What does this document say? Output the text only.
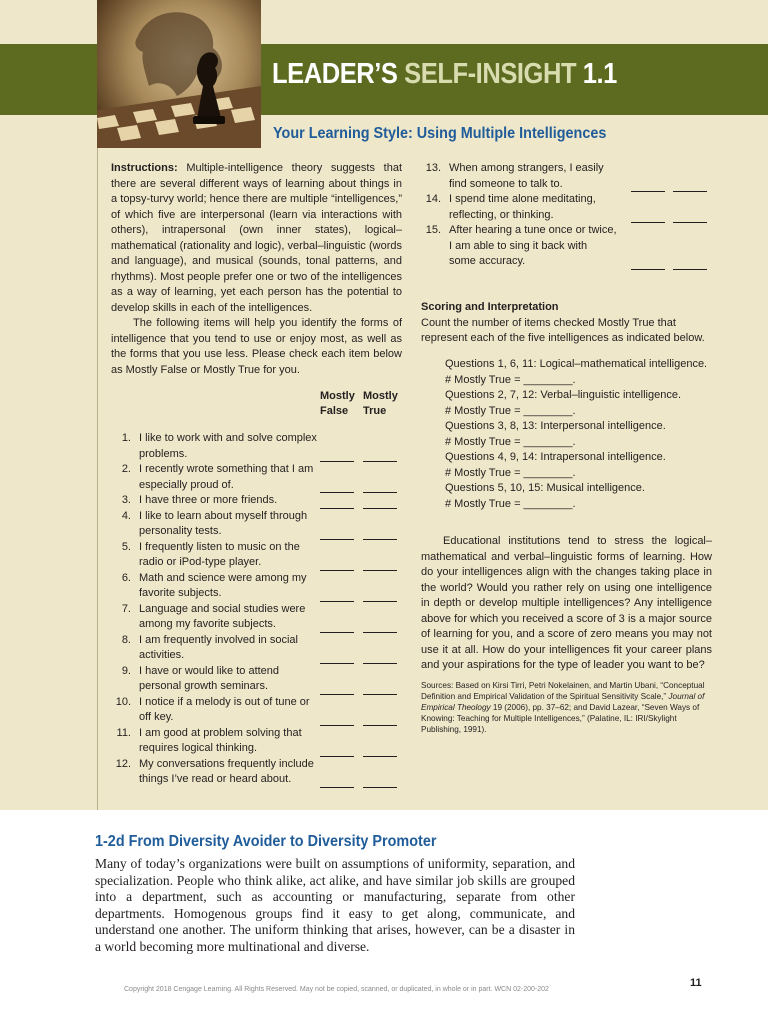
LEADER’S SELF-INSIGHT 1.1
Your Learning Style: Using Multiple Intelligences

Instructions: Multiple-intelligence theory suggests that there are several different ways of learning about things in a topsy-turvy world; hence there are multiple “intelligences,” of which five are interpersonal (learn via interactions with others), intrapersonal (own inner states), logical–mathematical (rationality and logic), verbal–linguistic (words and language), and musical (sounds, tonal patterns, and rhythms). Most people prefer one or two of the intelligences as a way of learning, yet each person has the potential to develop skills in each of the intelligences.

The following items will help you identify the forms of intelligence that you tend to use or enjoy most, as well as the forms that you use less. Please check each item below as Mostly False or Mostly True for you.

Mostly
False
Mostly
True
1. I like to work with and solve complex problems.
2. I recently wrote something that I am especially proud of.
3. I have three or more friends.
4. I like to learn about myself through personality tests.
5. I frequently listen to music on the radio or iPod-type player.
6. Math and science were among my favorite subjects.
7. Language and social studies were among my favorite subjects.
8. I am frequently involved in social activities.
9. I have or would like to attend personal growth seminars.
10. I notice if a melody is out of tune or off key.
11. I am good at problem solving that requires logical thinking.
12. My conversations frequently include things I’ve read or heard about.
13. When among strangers, I easily find someone to talk to.
14. I spend time alone meditating, reflecting, or thinking.
15. After hearing a tune once or twice, I am able to sing it back with some accuracy.
Scoring and Interpretation

Count the number of items checked Mostly True that represent each of the five intelligences as indicated below.

Questions 1, 6, 11: Logical–mathematical intelligence.
# Mostly True = ________.
Questions 2, 7, 12: Verbal–linguistic intelligence.
# Mostly True = ________.
Questions 3, 8, 13: Interpersonal intelligence.
# Mostly True = ________.
Questions 4, 9, 14: Intrapersonal intelligence.
# Mostly True = ________.
Questions 5, 10, 15: Musical intelligence.
# Mostly True = ________.

Educational institutions tend to stress the logical–mathematical and verbal–linguistic forms of learning. How do your intelligences align with the changes taking place in the world? Would you rather rely on using one intelligence in depth or develop multiple intelligences? Any intelligence above for which you received a score of 3 is a major source of learning for you, and a score of zero means you may not use it at all. How do your intelligences fit your career plans and your aspirations for the type of leader you want to be?

Sources: Based on Kirsi Tirri, Petri Nokelainen, and Martin Ubani, “Conceptual Definition and Empirical Validation of the Spiritual Sensitivity Scale,” Journal of Empirical Theology 19 (2006), pp. 37–62; and David Lazear, “Seven Ways of Knowing: Teaching for Multiple Intelligences,” (Palatine, IL: IRI/Skylight Publishing, 1991).
1-2d From Diversity Avoider to Diversity Promoter

Many of today’s organizations were built on assumptions of uniformity, separation, and specialization. People who think alike, act alike, and have similar job skills are grouped into a department, such as accounting or manufacturing, separate from other departments. Homogenous groups find it easy to get along, communicate, and understand one another. The uniform thinking that arises, however, can be a disaster in a world becoming more multinational and diverse.

11
Copyright 2018 Cengage Learning. All Rights Reserved. May not be copied, scanned, or duplicated, in whole or in part. WCN 02-200-202
